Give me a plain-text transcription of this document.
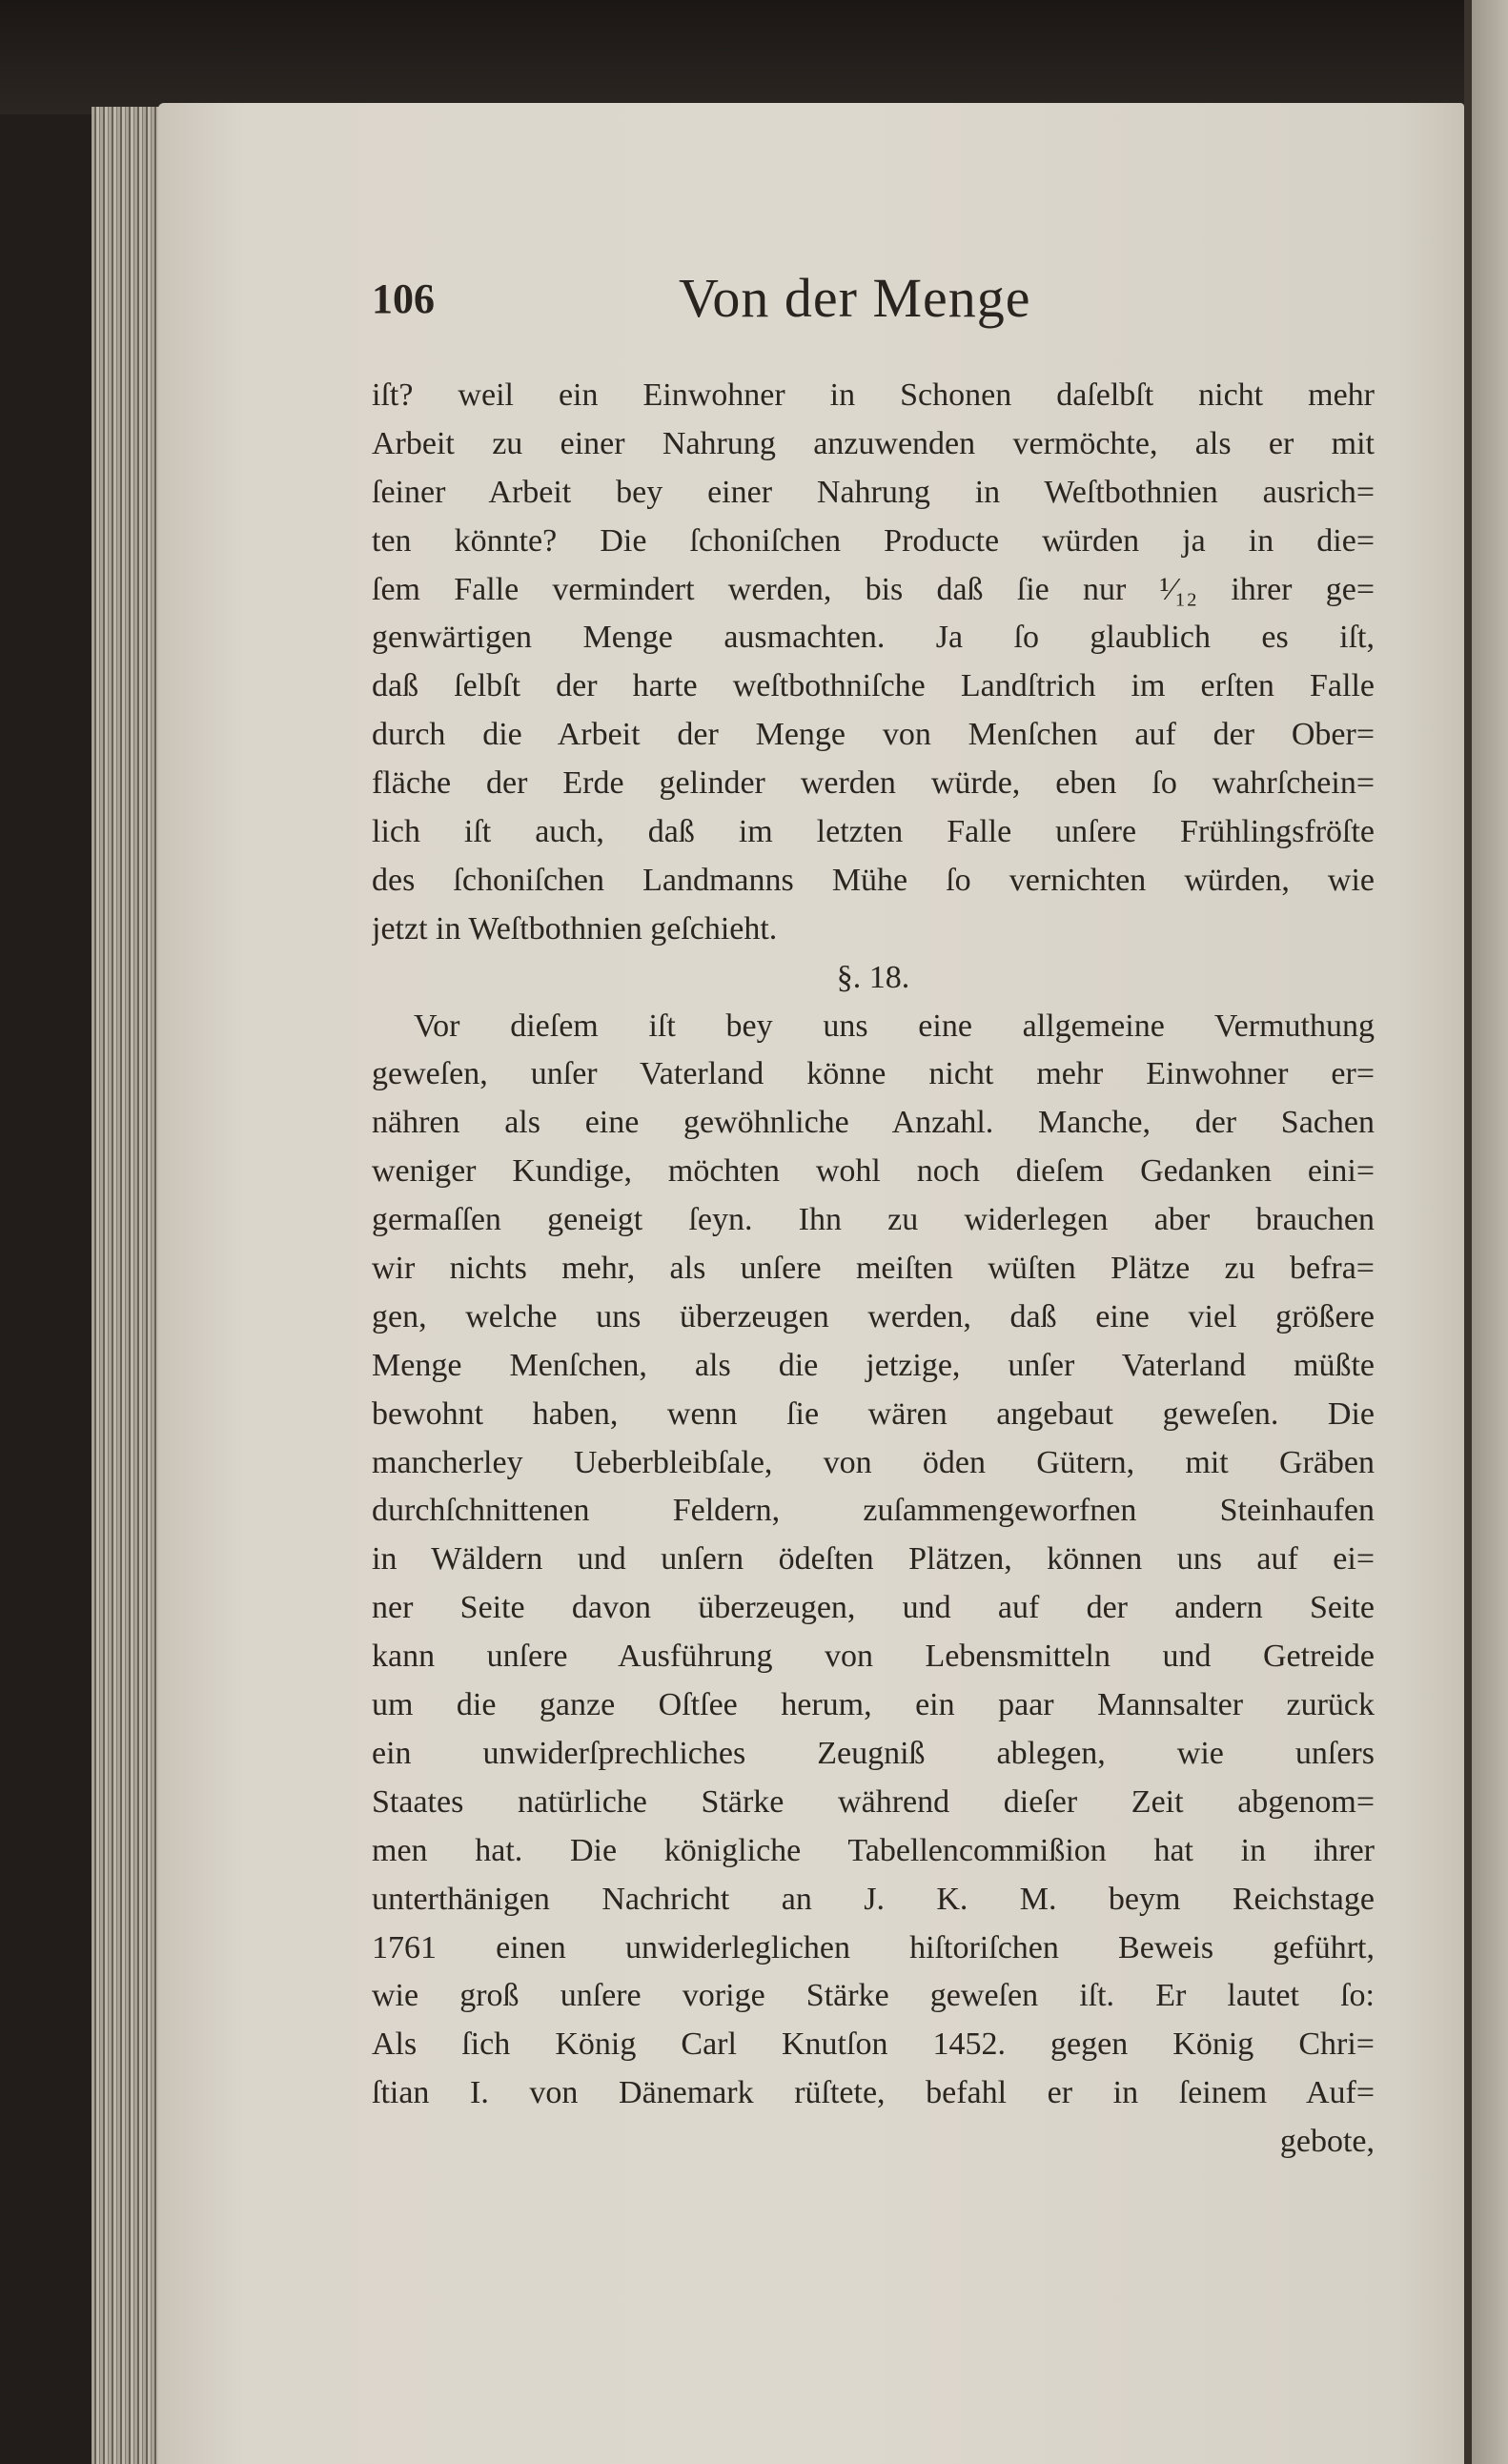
106	Von der Menge
iſt? weil ein Einwohner in Schonen daſelbſt nicht mehr
Arbeit zu einer Nahrung anzuwenden vermöchte, als er mit
ſeiner Arbeit bey einer Nahrung in Weſtbothnien ausrich=
ten könnte? Die ſchoniſchen Producte würden ja in die=
ſem Falle vermindert werden, bis daß ſie nur ¹⁄₁₂ ihrer ge=
genwärtigen Menge ausmachten. Ja ſo glaublich es iſt,
daß ſelbſt der harte weſtbothniſche Landſtrich im erſten Falle
durch die Arbeit der Menge von Menſchen auf der Ober=
fläche der Erde gelinder werden würde, eben ſo wahrſchein=
lich iſt auch, daß im letzten Falle unſere Frühlingsfröſte
des ſchoniſchen Landmanns Mühe ſo vernichten würden, wie
jetzt in Weſtbothnien geſchieht.
§. 18.
Vor dieſem iſt bey uns eine allgemeine Vermuthung
geweſen, unſer Vaterland könne nicht mehr Einwohner er=
nähren als eine gewöhnliche Anzahl. Manche, der Sachen
weniger Kundige, möchten wohl noch dieſem Gedanken eini=
germaſſen geneigt ſeyn. Ihn zu widerlegen aber brauchen
wir nichts mehr, als unſere meiſten wüſten Plätze zu befra=
gen, welche uns überzeugen werden, daß eine viel größere
Menge Menſchen, als die jetzige, unſer Vaterland müßte
bewohnt haben, wenn ſie wären angebaut geweſen. Die
mancherley Ueberbleibſale, von öden Gütern, mit Gräben
durchſchnittenen Feldern, zuſammengeworfnen Steinhaufen
in Wäldern und unſern ödeſten Plätzen, können uns auf ei=
ner Seite davon überzeugen, und auf der andern Seite
kann unſere Ausführung von Lebensmitteln und Getreide
um die ganze Oſtſee herum, ein paar Mannsalter zurück
ein unwiderſprechliches Zeugniß ablegen, wie unſers
Staates natürliche Stärke während dieſer Zeit abgenom=
men hat. Die königliche Tabellencommißion hat in ihrer
unterthänigen Nachricht an J. K. M. beym Reichstage
1761 einen unwiderleglichen hiſtoriſchen Beweis geführt,
wie groß unſere vorige Stärke geweſen iſt. Er lautet ſo:
Als ſich König Carl Knutſon 1452. gegen König Chri=
ſtian I. von Dänemark rüſtete, befahl er in ſeinem Auf=
gebote,
